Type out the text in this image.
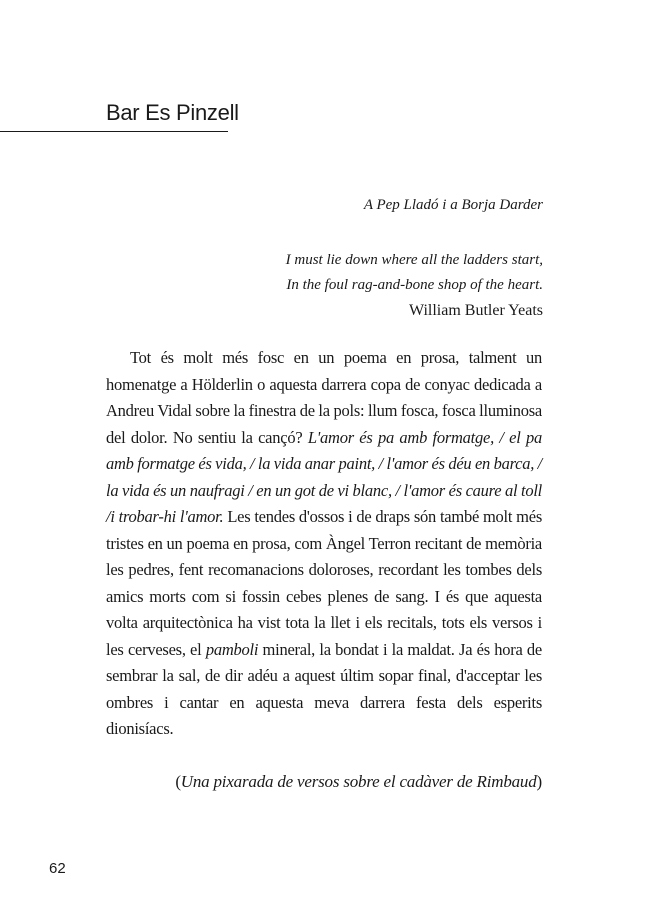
Bar Es Pinzell
A Pep Lladó i a Borja Darder
I must lie down where all the ladders start,
In the foul rag-and-bone shop of the heart.
William Butler Yeats

Tot és molt més fosc en un poema en prosa, talment un homenatge a Hölderlin o aquesta darrera copa de conyac dedicada a Andreu Vidal sobre la finestra de la pols: llum fosca, fosca lluminosa del dolor. No sentiu la cançó? L'amor és pa amb formatge, / el pa amb formatge és vida, / la vida anar paint, / l'amor és déu en barca, / la vida és un naufragi / en un got de vi blanc, / l'amor és caure al toll /i trobar-hi l'amor. Les tendes d'ossos i de draps són també molt més tristes en un poema en prosa, com Àngel Terron recitant de memòria les pedres, fent recomanacions doloroses, recordant les tombes dels amics morts com si fossin cebes plenes de sang. I és que aquesta volta arquitectònica ha vist tota la llet i els recitals, tots els versos i les cerveses, el pamboli mineral, la bondat i la maldat. Ja és hora de sembrar la sal, de dir adéu a aquest últim sopar final, d'acceptar les ombres i cantar en aquesta meva darrera festa dels esperits dionisíacs.

(Una pixarada de versos sobre el cadàver de Rimbaud)
62
